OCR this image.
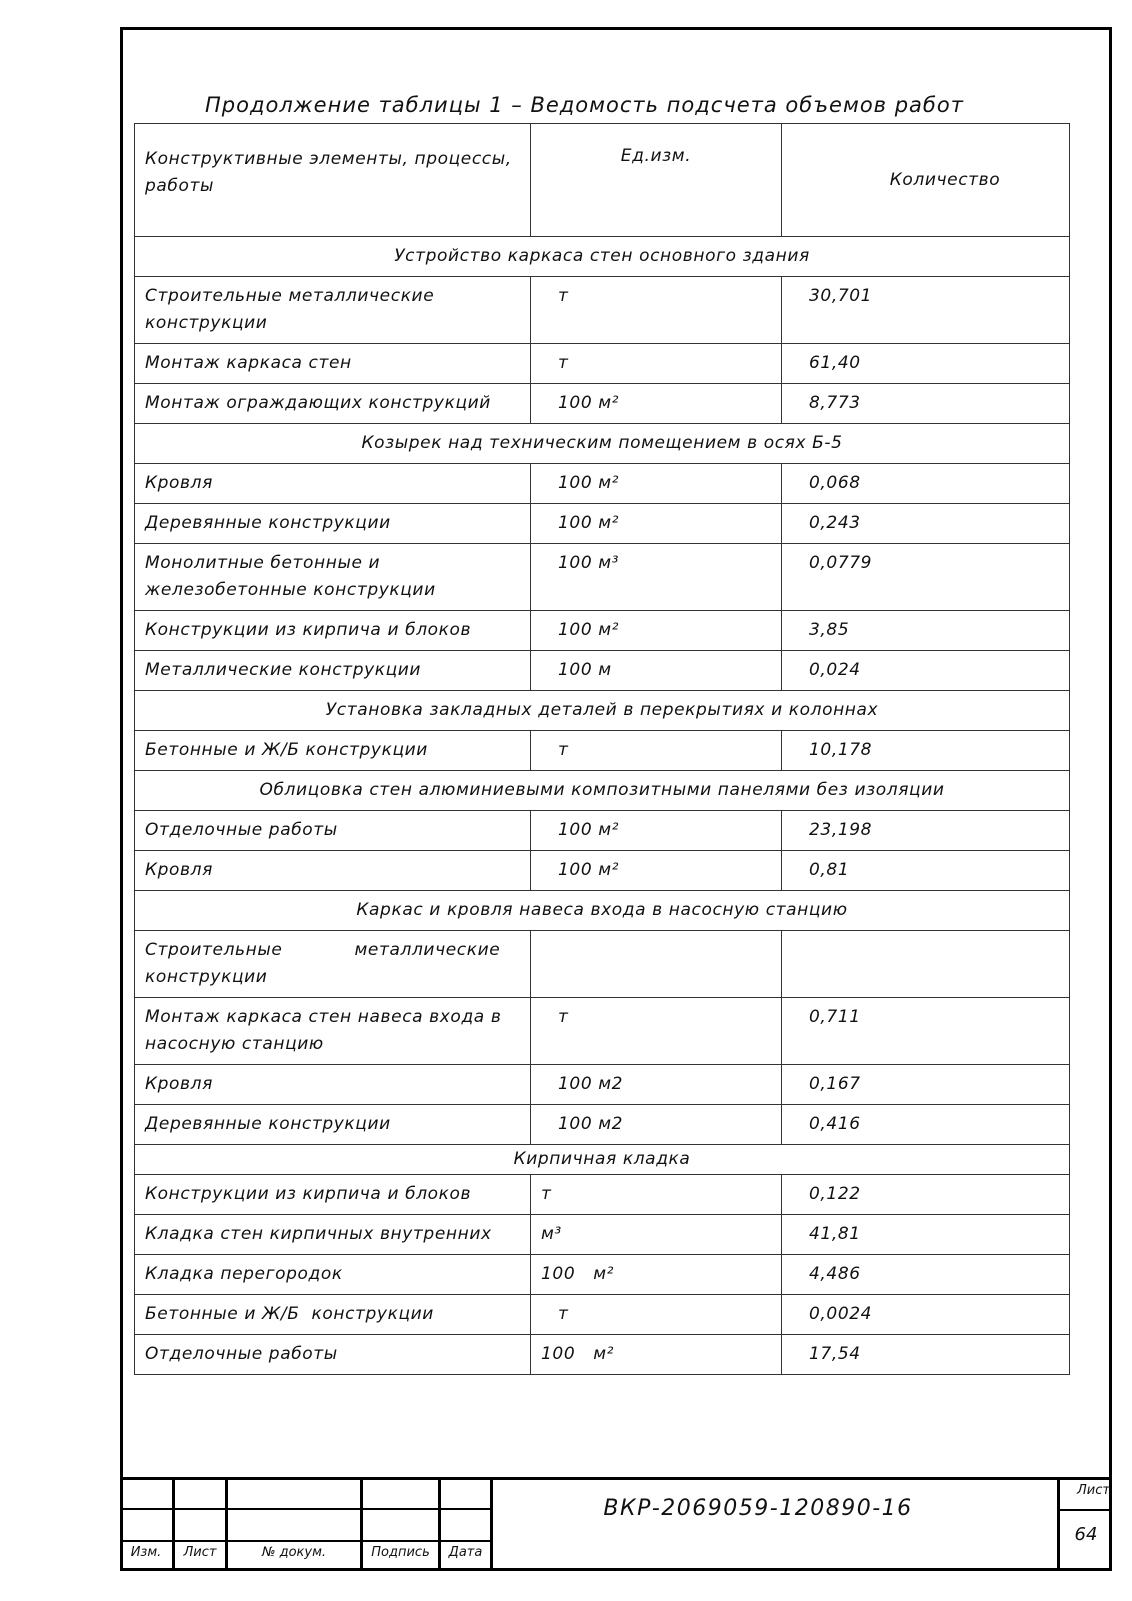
Продолжение таблицы 1 – Ведомость подсчета объемов работ
Конструктивные элементы, процессы, работы	Ед.изм.	Количество
Устройство каркаса стен основного здания		
Строительные металлические конструкции	т	30,701
Монтаж каркаса стен	т	61,40
Монтаж ограждающих конструкций	100 м²	8,773
Козырек над техническим помещением в осях Б-5		
Кровля	100 м²	0,068
Деревянные конструкции	100 м²	0,243
Монолитные бетонные и железобетонные конструкции	100 м³	0,0779
Конструкции из кирпича и блоков	100 м²	3,85
Металлические конструкции	100 м	0,024
Установка закладных деталей в перекрытиях и колоннах		
Бетонные и Ж/Б конструкции	т	10,178
Облицовка стен алюминиевыми композитными панелями без изоляции		
Отделочные работы	100 м²	23,198
Кровля	100 м²	0,81
Каркас и кровля навеса входа в насосную станцию		
Строительные            металлические конструкции		
Монтаж каркаса стен навеса входа в насосную станцию	т	0,711
Кровля	100 м2	0,167
Деревянные конструкции	100 м2	0,416
Кирпичная кладка		
Конструкции из кирпича и блоков	т	0,122
Кладка стен кирпичных внутренних	м³	41,81
Кладка перегородок	100   м²	4,486
Бетонные и Ж/Б  конструкции	т	0,0024
Отделочные работы	100   м²	17,54
Изм.	Лист	№ докум.	Подпись	Дата
ВКР-2069059-120890-16
Лист
64
